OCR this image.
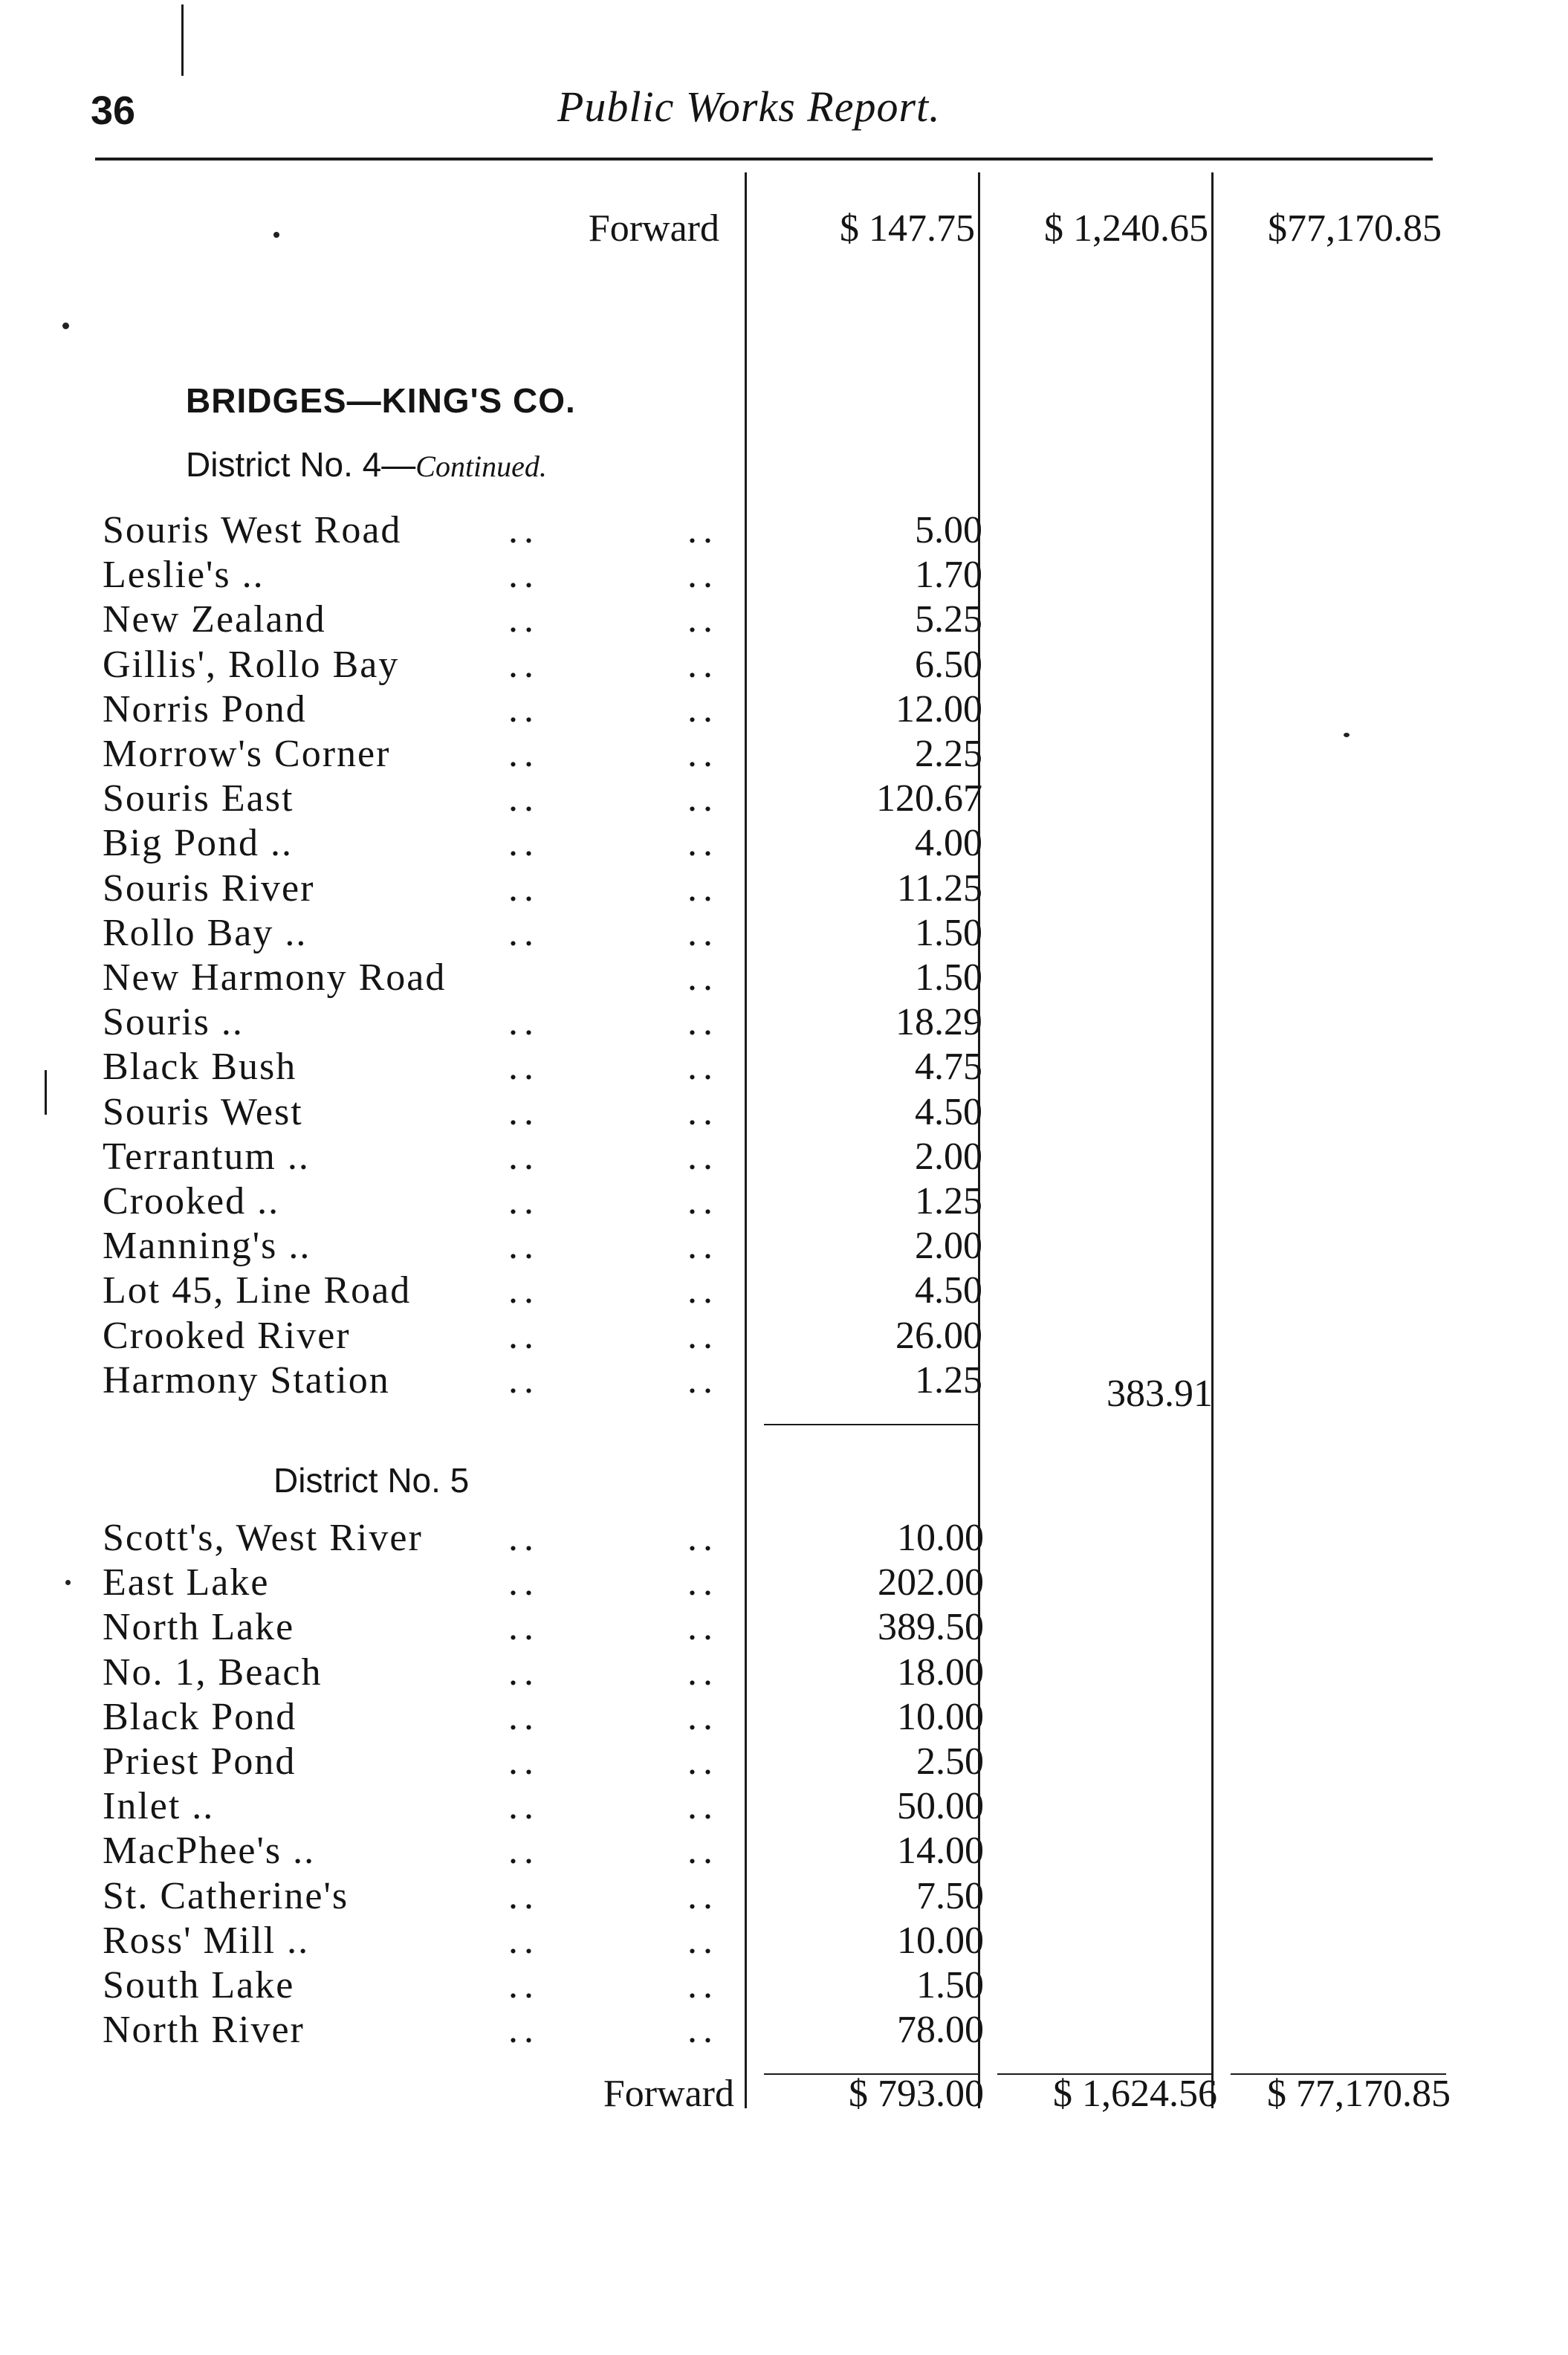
36	Public Works Report.
Forward	$ 147.75 $ 1,240.65 $77,170.85
BRIDGES—KING'S CO.
District No. 4—Continued.
Souris West Road	..	..	5.00
Leslie's ..	..	..	1.70
New Zealand	..	..	5.25
Gillis', Rollo Bay	..	..	6.50
Norris Pond	..	..	12.00
Morrow's Corner	..	..	2.25
Souris East	..	..	120.67
Big Pond ..	..	..	4.00
Souris River	..	..	11.25
Rollo Bay ..	..	..	1.50
New Harmony Road	..	1.50
Souris ..	..	..	18.29
Black Bush	..	..	4.75
Souris West	..	..	4.50
Terrantum ..	..	..	2.00
Crooked ..	..	..	1.25
Manning's ..	..	..	2.00
Lot 45, Line Road	..	..	4.50
Crooked River	..	..	26.00
Harmony Station	..	..	1.25	383.91
District No. 5
Scott's, West River ..	..	10.00
East Lake	..	..	202.00
North Lake	..	..	389.50
No. 1, Beach	..	..	18.00
Black Pond	..	..	10.00
Priest Pond	..	..	2.50
Inlet ..	..	..	50.00
MacPhee's ..	..	..	14.00
St. Catherine's	..	..	7.50
Ross' Mill ..	..	..	10.00
South Lake	..	..	1.50
North River	..	..	78.00
Forward	$ 793.00 $ 1,624.56 $ 77,170.85
